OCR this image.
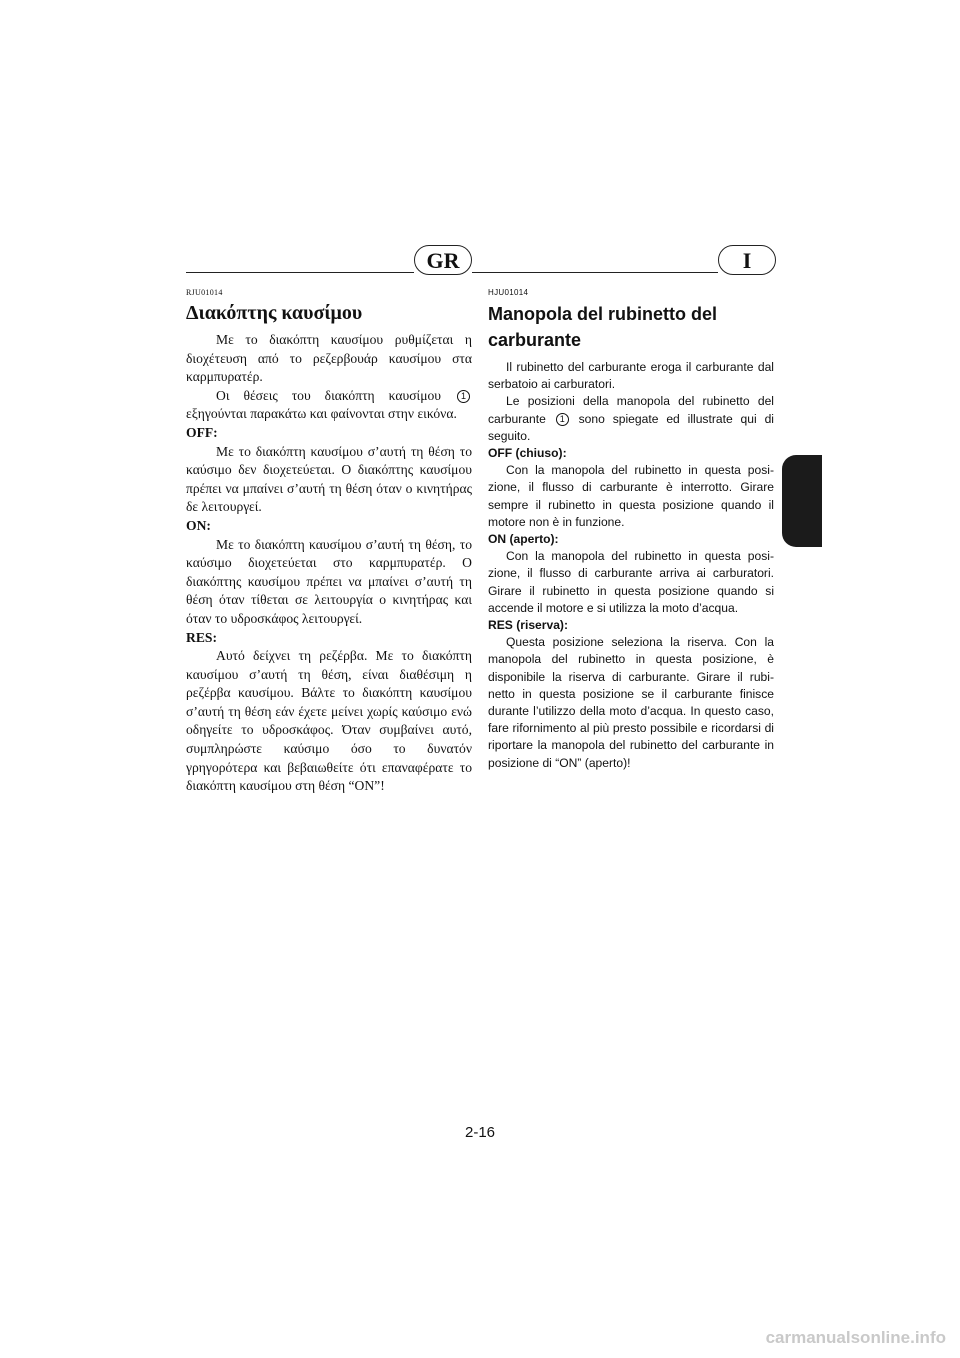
GR	I
RJU01014
Διακόπτης καυσίμου

Με το διακόπτη καυσίμου ρυθμίζεται η διοχέτευση από το ρεζερβουάρ καυσίμου στα καρμπυρατέρ.

Οι θέσεις του διακόπτη καυσίμου 1 εξηγούνται παρακάτω και φαίνονται στην εικόνα.

OFF:

Με το διακόπτη καυσίμου σ’αυτή τη θέση το καύσιμο δεν διοχετεύεται. Ο διακόπτης καυσίμου πρέπει να μπαίνει σ’αυτή τη θέση όταν ο κινητήρας δε λειτουργεί.

ON:

Με το διακόπτη καυσίμου σ’αυτή τη θέση, το καύσιμο διοχετεύεται στο καρμπυρατέρ. Ο διακόπτης καυσίμου πρέπει να μπαίνει σ’αυτή τη θέση όταν τίθεται σε λειτουργία ο κινητήρας και όταν το υδροσκάφος λειτουργεί.

RES:

Αυτό δείχνει τη ρεζέρβα. Με το διακόπτη καυσίμου σ’αυτή τη θέση, είναι διαθέσιμη η ρεζέρβα καυσίμου. Βάλτε το διακόπτη καυσίμου σ’αυτή τη θέση εάν έχετε μείνει χωρίς καύσιμο ενώ οδηγείτε το υδροσκάφος. Όταν συμβαίνει αυτό, συμπληρώστε καύσιμο όσο το δυνατόν γρηγορότερα και βεβαιωθείτε ότι επαναφέρατε το διακόπτη καυσίμου στη θέση “ON”!

HJU01014
Manopola del rubinetto del carburante

Il rubinetto del carburante eroga il carburante dal serbatoio ai carburatori.

Le posizioni della manopola del rubinetto del carburante 1 sono spiegate ed illustrate qui di seguito.

OFF (chiuso):

Con la manopola del rubinetto in questa posi-zione, il flusso di carburante è interrotto. Girare sempre il rubinetto in questa posizione quando il motore non è in funzione.

ON (aperto):

Con la manopola del rubinetto in questa posi-zione, il flusso di carburante arriva ai carburatori. Girare il rubinetto in questa posizione quando si accende il motore e si utilizza la moto d’acqua.

RES (riserva):

Questa posizione seleziona la riserva. Con la manopola del rubinetto in questa posizione, è disponibile la riserva di carburante. Girare il rubi-netto in questa posizione se il carburante finisce durante l’utilizzo della moto d’acqua. In questo caso, fare rifornimento al più presto possibile e ricordarsi di riportare la manopola del rubinetto del carburante in posizione di “ON” (aperto)!

2-16
carmanualsonline.info
